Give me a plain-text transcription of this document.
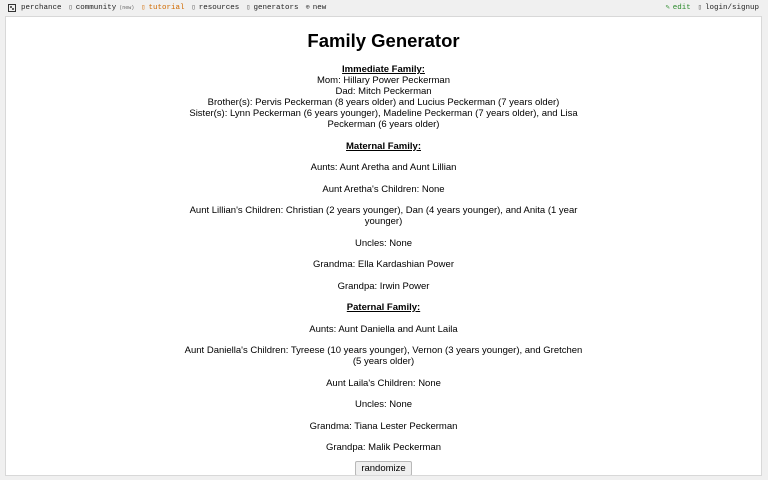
perchance ▯ community (new) ▯ tutorial ▯ resources ▯ generators ⊕ new	✎ edit ▯ login/signup
Family Generator

Immediate Family:

Mom: Hillary Power Peckerman

Dad: Mitch Peckerman

Brother(s): Pervis Peckerman (8 years older) and Lucius Peckerman (7 years older)

Sister(s): Lynn Peckerman (6 years younger), Madeline Peckerman (7 years older), and Lisa Peckerman (6 years older)

Maternal Family:

Aunts: Aunt Aretha and Aunt Lillian

Aunt Aretha's Children: None

Aunt Lillian's Children: Christian (2 years younger), Dan (4 years younger), and Anita (1 year younger)

Uncles: None

Grandma: Ella Kardashian Power

Grandpa: Irwin Power

Paternal Family:

Aunts: Aunt Daniella and Aunt Laila

Aunt Daniella's Children: Tyreese (10 years younger), Vernon (3 years younger), and Gretchen (5 years older)

Aunt Laila's Children: None

Uncles: None

Grandma: Tiana Lester Peckerman

Grandpa: Malik Peckerman

randomize
